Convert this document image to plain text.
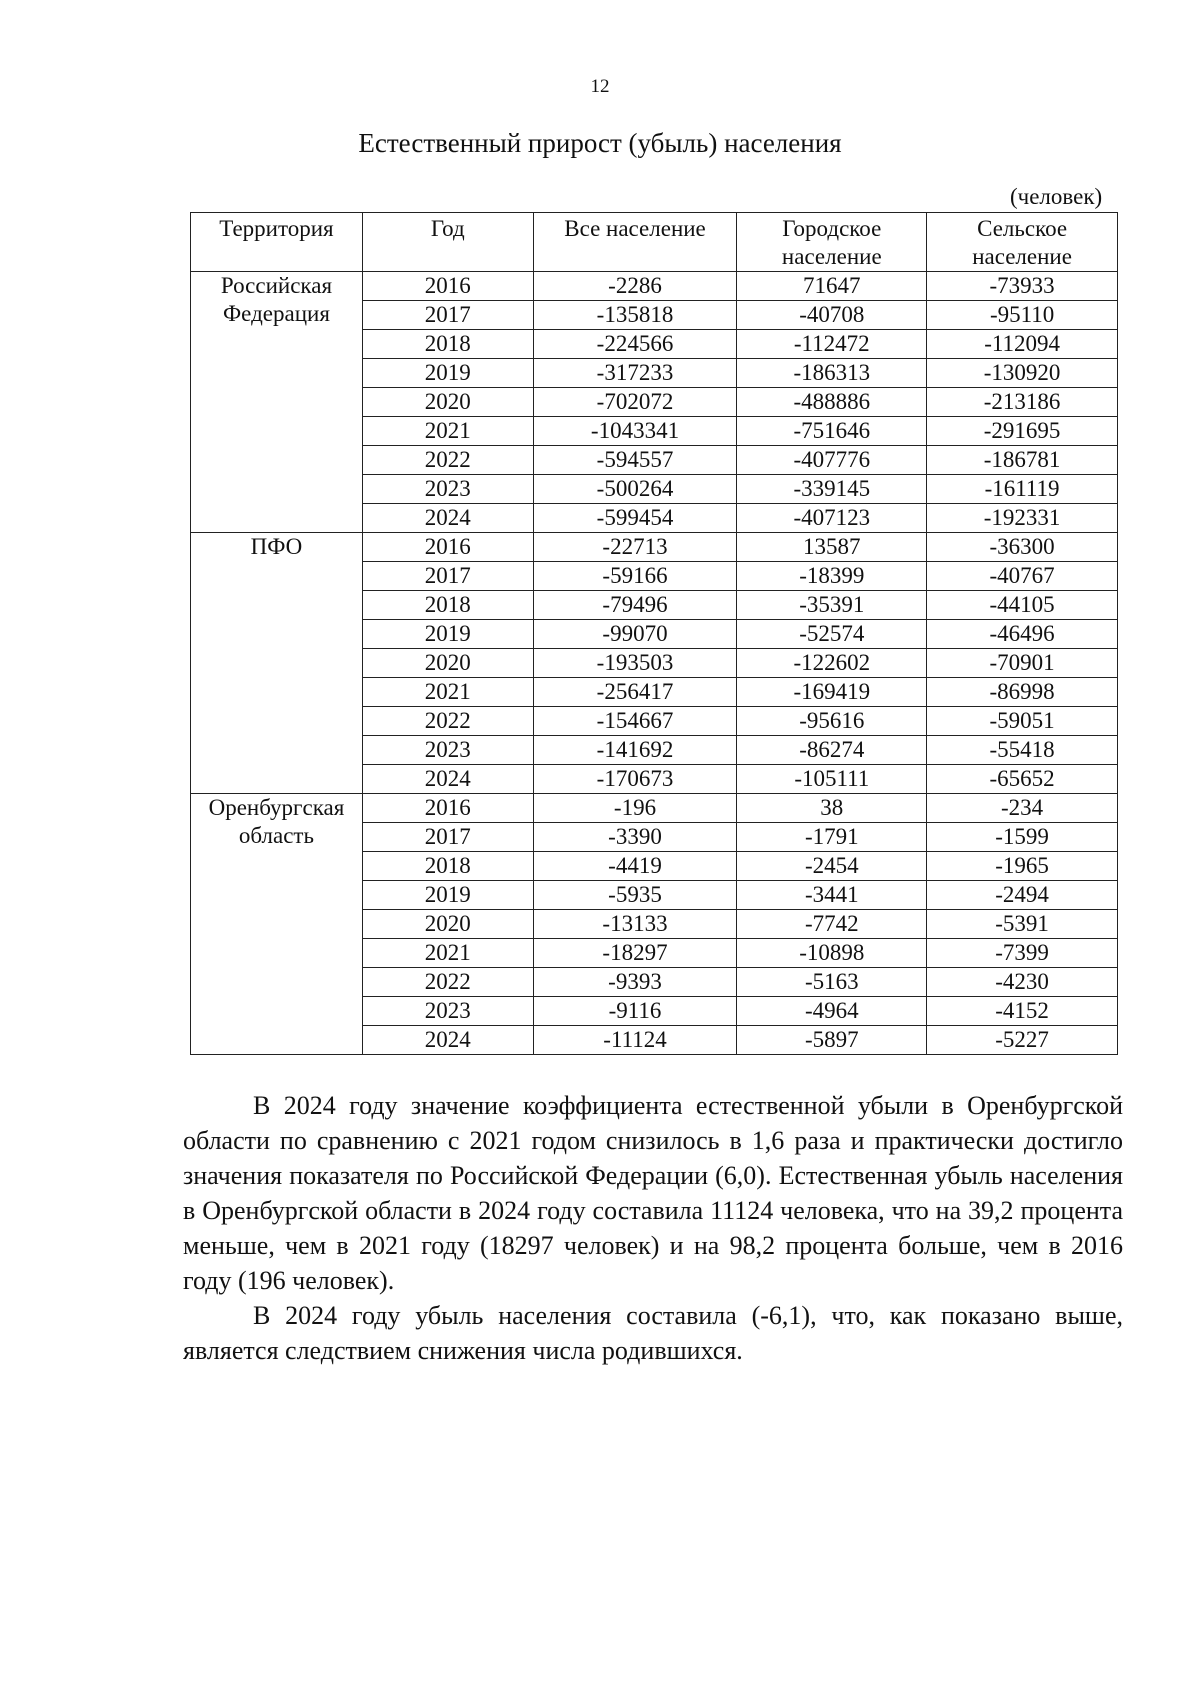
12
Естественный прирост (убыль) населения
(человек)
Территория	Год	Все население	Городское население	Сельское население
Российская Федерация	2016	-2286	71647	-73933
	2017	-135818	-40708	-95110
	2018	-224566	-112472	-112094
	2019	-317233	-186313	-130920
	2020	-702072	-488886	-213186
	2021	-1043341	-751646	-291695
	2022	-594557	-407776	-186781
	2023	-500264	-339145	-161119
	2024	-599454	-407123	-192331
ПФО	2016	-22713	13587	-36300
	2017	-59166	-18399	-40767
	2018	-79496	-35391	-44105
	2019	-99070	-52574	-46496
	2020	-193503	-122602	-70901
	2021	-256417	-169419	-86998
	2022	-154667	-95616	-59051
	2023	-141692	-86274	-55418
	2024	-170673	-105111	-65652
Оренбургская область	2016	-196	38	-234
	2017	-3390	-1791	-1599
	2018	-4419	-2454	-1965
	2019	-5935	-3441	-2494
	2020	-13133	-7742	-5391
	2021	-18297	-10898	-7399
	2022	-9393	-5163	-4230
	2023	-9116	-4964	-4152
	2024	-11124	-5897	-5227

В 2024 году значение коэффициента естественной убыли в Оренбургской области по сравнению с 2021 годом снизилось в 1,6 раза и практически достигло значения показателя по Российской Федерации (6,0). Естественная убыль населения в Оренбургской области в 2024 году составила 11124 человека, что на 39,2 процента меньше, чем в 2021 году (18297 человек) и на 98,2 процента больше, чем в 2016 году (196 человек).

В 2024 году убыль населения составила (-6,1), что, как показано выше, является следствием снижения числа родившихся.
